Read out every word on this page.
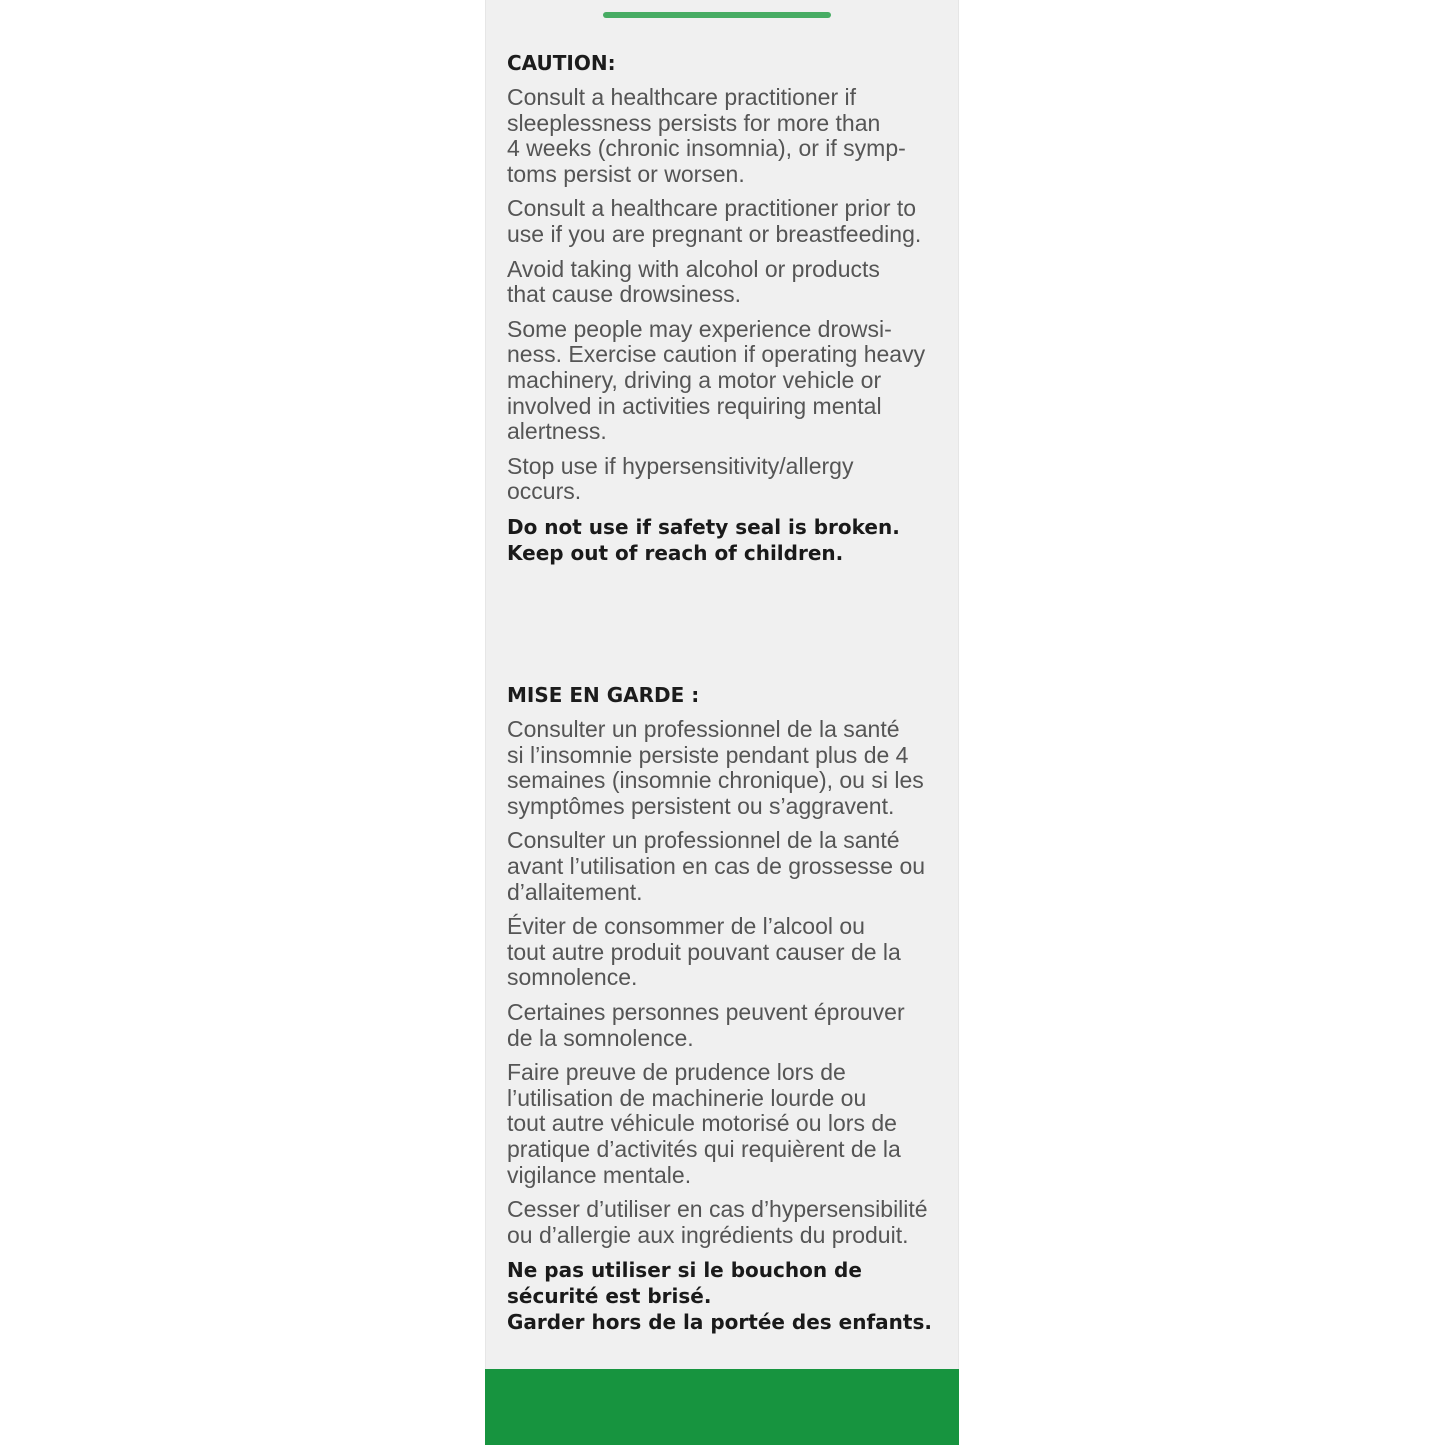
CAUTION:

Consult a healthcare practitioner if
sleeplessness persists for more than
4 weeks (chronic insomnia), or if symp-
toms persist or worsen.

Consult a healthcare practitioner prior to
use if you are pregnant or breastfeeding.

Avoid taking with alcohol or products
that cause drowsiness.

Some people may experience drowsi-
ness. Exercise caution if operating heavy
machinery, driving a motor vehicle or
involved in activities requiring mental
alertness.

Stop use if hypersensitivity/allergy
occurs.

Do not use if safety seal is broken.
Keep out of reach of children.

MISE EN GARDE :

Consulter un professionnel de la santé
si l’insomnie persiste pendant plus de 4
semaines (insomnie chronique), ou si les
symptômes persistent ou s’aggravent.

Consulter un professionnel de la santé
avant l’utilisation en cas de grossesse ou
d’allaitement.

Éviter de consommer de l’alcool ou
tout autre produit pouvant causer de la
somnolence.

Certaines personnes peuvent éprouver
de la somnolence.

Faire preuve de prudence lors de
l’utilisation de machinerie lourde ou
tout autre véhicule motorisé ou lors de
pratique d’activités qui requièrent de la
vigilance mentale.

Cesser d’utiliser en cas d’hypersensibilité
ou d’allergie aux ingrédients du produit.

Ne pas utiliser si le bouchon de
sécurité est brisé.
Garder hors de la portée des enfants.
